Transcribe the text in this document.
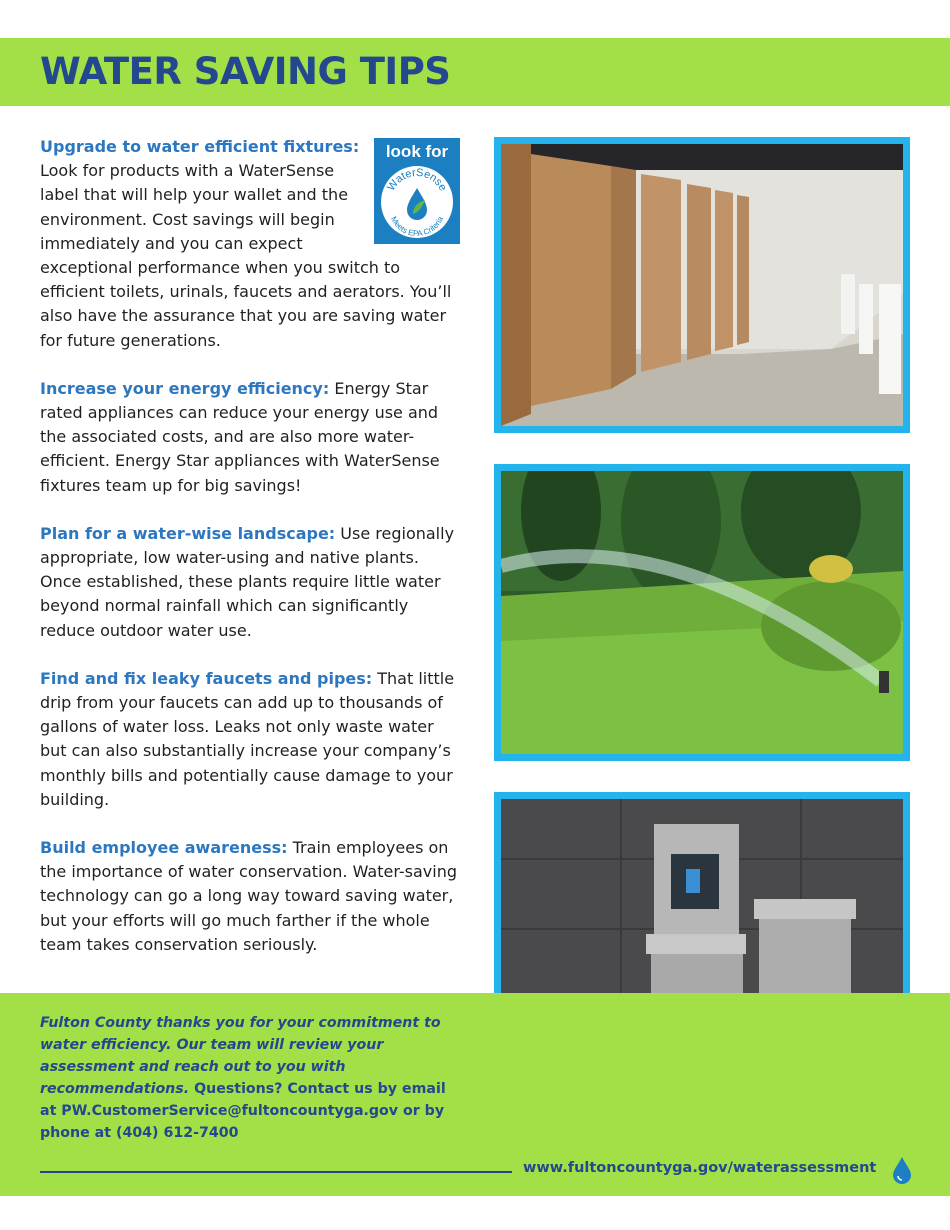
WATER SAVING TIPS
look for
WaterSense
Meets EPA Criteria
Upgrade to water efficient fixtures: Look for products with a WaterSense label that will help your wallet and the environment. Cost savings will begin immediately and you can expect exceptional performance when you switch to efficient toilets, urinals, faucets and aerators. You’ll also have the assurance that you are saving water for future generations.
Increase your energy efficiency: Energy Star rated appliances can reduce your energy use and the associated costs, and are also more water-efficient. Energy Star appliances with WaterSense fixtures team up for big savings!
Plan for a water-wise landscape: Use regionally appropriate, low water-using and native plants. Once established, these plants require little water beyond normal rainfall which can significantly reduce outdoor water use.
Find and fix leaky faucets and pipes: That little drip from your faucets can add up to thousands of gallons of water loss. Leaks not only waste water but can also substantially increase your company’s monthly bills and potentially cause damage to your building.
Build employee awareness: Train employees on the importance of water conservation. Water-saving technology can go a long way toward saving water, but your efforts will go much farther if the whole team takes conservation seriously.

Fulton County thanks you for your commitment to water efficiency. Our team will review your assessment and reach out to you with recommendations. Questions? Contact us by email at PW.CustomerService@fultoncountyga.gov or by phone at (404) 612-7400

www.fultoncountyga.gov/waterassessment
